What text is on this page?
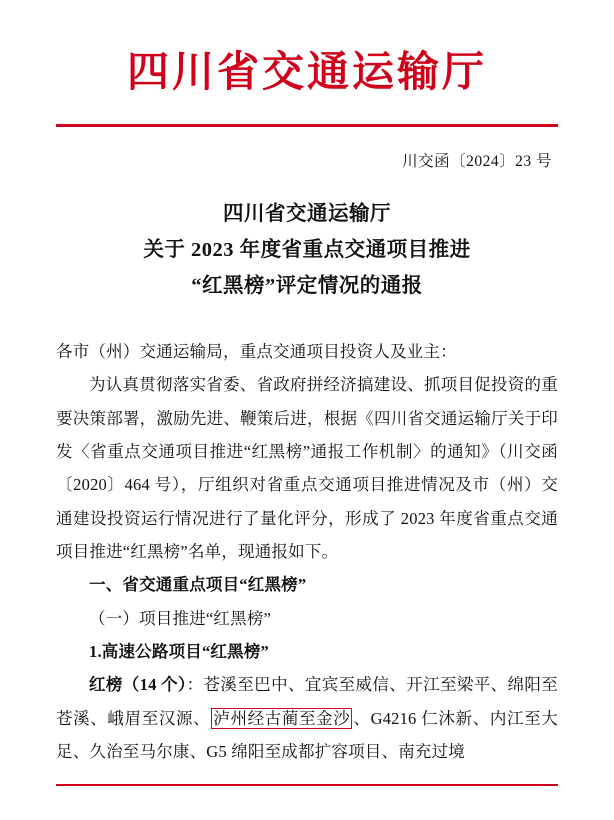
四川省交通运输厅
川交函〔2024〕23 号
四川省交通运输厅
关于 2023 年度省重点交通项目推进
“红黑榜”评定情况的通报

各市（州）交通运输局，重点交通项目投资人及业主：

为认真贯彻落实省委、省政府拼经济搞建设、抓项目促投资的重要决策部署，激励先进、鞭策后进，根据《四川省交通运输厅关于印发〈省重点交通项目推进“红黑榜”通报工作机制〉的通知》（川交函〔2020〕464 号），厅组织对省重点交通项目推进情况及市（州）交通建设投资运行情况进行了量化评分，形成了 2023 年度省重点交通项目推进“红黑榜”名单，现通报如下。

一、省交通重点项目“红黑榜”

（一）项目推进“红黑榜”

1.高速公路项目“红黑榜”

红榜（14 个）：苍溪至巴中、宜宾至威信、开江至梁平、绵阳至苍溪、峨眉至汉源、 泸州经古蔺至金沙 、G4216 仁沐新、内江至大足、久治至马尔康、G5 绵阳至成都扩容项目、南充过境
